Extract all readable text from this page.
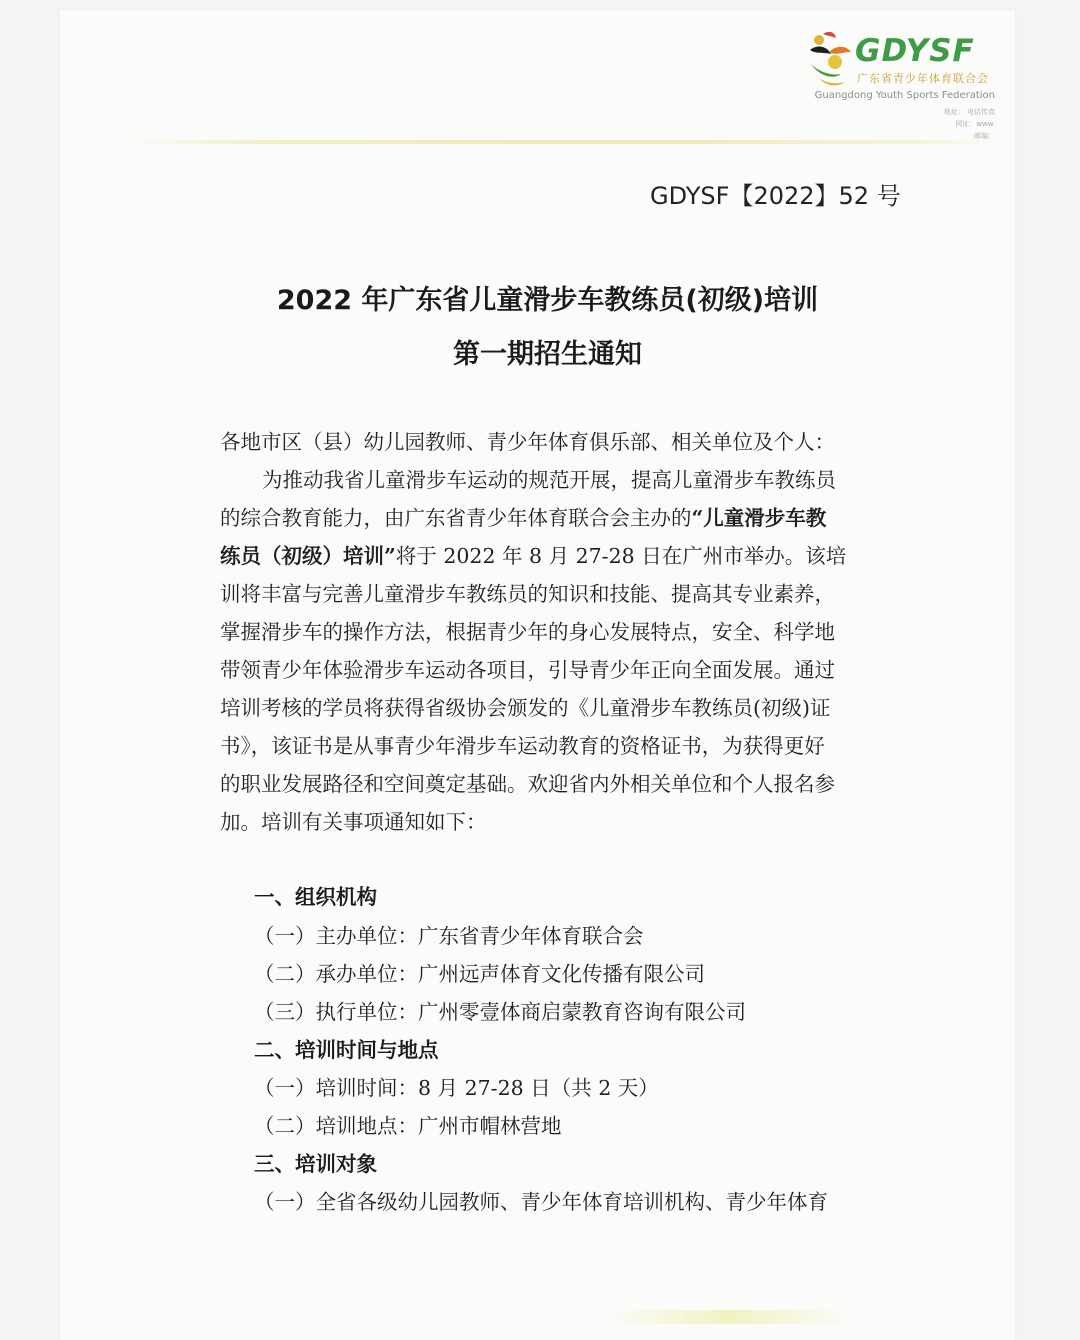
GDYSF
广东省青少年体育联合会
Guangdong Youth Sports Federation
地址： 电话传真
网址：www.
邮编：
GDYSF【2022】52 号
2022 年广东省儿童滑步车教练员(初级)培训
第一期招生通知
各地市区（县）幼儿园教师、青少年体育俱乐部、相关单位及个人：
为推动我省儿童滑步车运动的规范开展，提高儿童滑步车教练员
的综合教育能力，由广东省青少年体育联合会主办的“儿童滑步车教
练员（初级）培训”将于 2022 年 8 月 27-28 日在广州市举办。该培
训将丰富与完善儿童滑步车教练员的知识和技能、提高其专业素养，
掌握滑步车的操作方法，根据青少年的身心发展特点，安全、科学地
带领青少年体验滑步车运动各项目，引导青少年正向全面发展。通过
培训考核的学员将获得省级协会颁发的《儿童滑步车教练员(初级)证
书》，该证书是从事青少年滑步车运动教育的资格证书，为获得更好
的职业发展路径和空间奠定基础。欢迎省内外相关单位和个人报名参
加。培训有关事项通知如下：
一、组织机构
（一）主办单位：广东省青少年体育联合会
（二）承办单位：广州远声体育文化传播有限公司
（三）执行单位：广州零壹体商启蒙教育咨询有限公司
二、培训时间与地点
（一）培训时间：8 月 27-28 日（共 2 天）
（二）培训地点：广州市帽林营地
三、培训对象
（一）全省各级幼儿园教师、青少年体育培训机构、青少年体育
